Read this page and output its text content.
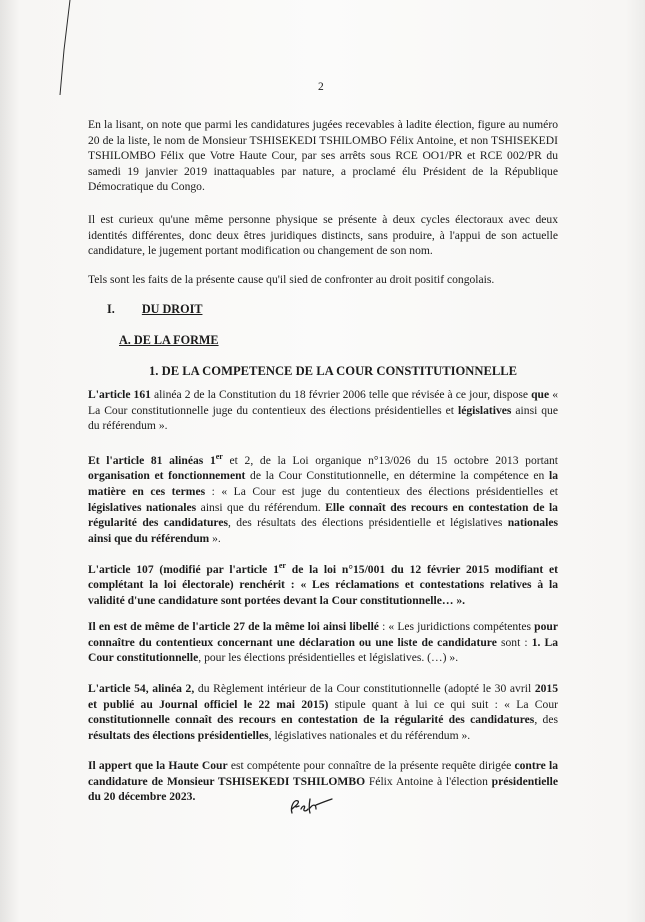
2

En la lisant, on note que parmi les candidatures jugées recevables à ladite élection, figure au numéro 20 de la liste, le nom de Monsieur TSHISEKEDI TSHILOMBO Félix Antoine, et non TSHISEKEDI TSHILOMBO Félix que Votre Haute Cour, par ses arrêts sous RCE OO1/PR et RCE 002/PR du samedi 19 janvier 2019 inattaquables par nature, a proclamé élu Président de la République Démocratique du Congo.

Il est curieux qu'une même personne physique se présente à deux cycles électoraux avec deux identités différentes, donc deux êtres juridiques distincts, sans produire, à l'appui de son actuelle candidature, le jugement portant modification ou changement de son nom.

Tels sont les faits de la présente cause qu'il sied de confronter au droit positif congolais.

I. DU DROIT
A. DE LA FORME
1. DE LA COMPETENCE DE LA COUR CONSTITUTIONNELLE

L'article 161 alinéa 2 de la Constitution du 18 février 2006 telle que révisée à ce jour, dispose que « La Cour constitutionnelle juge du contentieux des élections présidentielles et législatives ainsi que du référendum ».

Et l'article 81 alinéas 1er et 2, de la Loi organique n°13/026 du 15 octobre 2013 portant organisation et fonctionnement de la Cour Constitutionnelle, en détermine la compétence en la matière en ces termes : « La Cour est juge du contentieux des élections présidentielles et législatives nationales ainsi que du référendum. Elle connaît des recours en contestation de la régularité des candidatures, des résultats des élections présidentielle et législatives nationales ainsi que du référendum ».

L'article 107 (modifié par l'article 1er de la loi n°15/001 du 12 février 2015 modifiant et complétant la loi électorale) renchérit : « Les réclamations et contestations relatives à la validité d'une candidature sont portées devant la Cour constitutionnelle… ».

Il en est de même de l'article 27 de la même loi ainsi libellé : « Les juridictions compétentes pour connaître du contentieux concernant une déclaration ou une liste de candidature sont : 1. La Cour constitutionnelle, pour les élections présidentielles et législatives. (…) ».

L'article 54, alinéa 2, du Règlement intérieur de la Cour constitutionnelle (adopté le 30 avril 2015 et publié au Journal officiel le 22 mai 2015) stipule quant à lui ce qui suit : « La Cour constitutionnelle connaît des recours en contestation de la régularité des candidatures, des résultats des élections présidentielles, législatives nationales et du référendum ».

Il appert que la Haute Cour est compétente pour connaître de la présente requête dirigée contre la candidature de Monsieur TSHISEKEDI TSHILOMBO Félix Antoine à l'élection présidentielle du 20 décembre 2023.
